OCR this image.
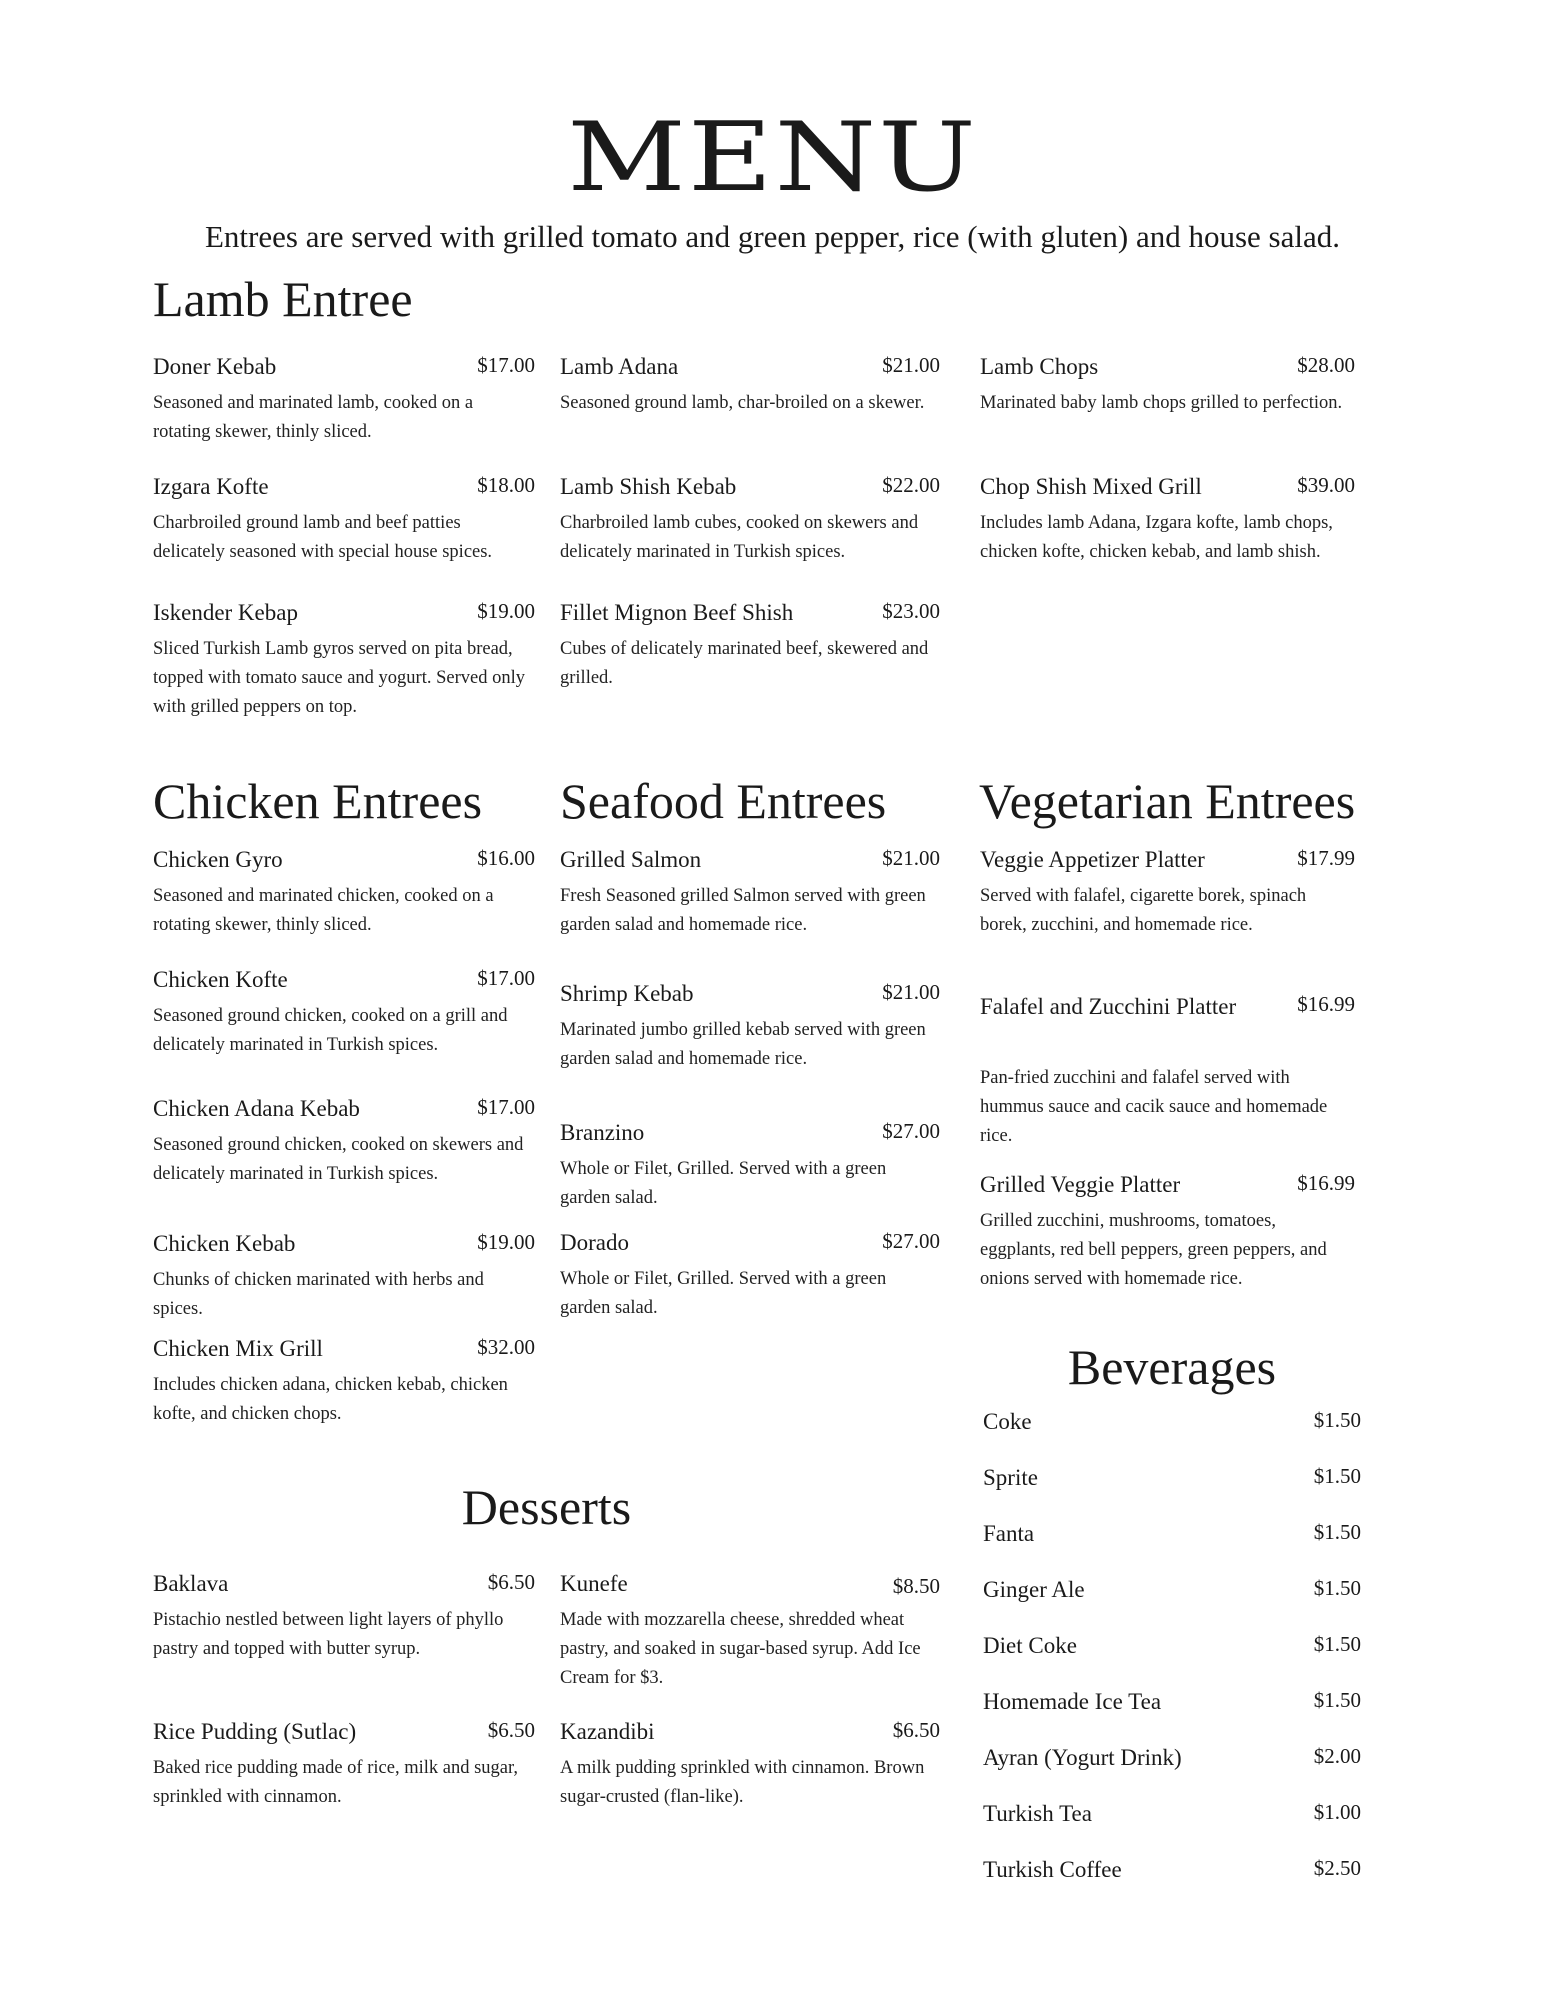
MENU
Entrees are served with grilled tomato and green pepper, rice (with gluten) and house salad.
Lamb Entree
Doner Kebab	$17.00
Seasoned and marinated lamb, cooked on a rotating skewer, thinly sliced.
Lamb Adana	$21.00
Seasoned ground lamb, char-broiled on a skewer.
Lamb Chops	$28.00
Marinated baby lamb chops grilled to perfection.
Izgara Kofte	$18.00
Charbroiled ground lamb and beef patties delicately seasoned with special house spices.
Lamb Shish Kebab	$22.00
Charbroiled lamb cubes, cooked on skewers and delicately marinated in Turkish spices.
Chop Shish Mixed Grill	$39.00
Includes lamb Adana, Izgara kofte, lamb chops, chicken kofte, chicken kebab, and lamb shish.
Iskender Kebap	$19.00
Sliced Turkish Lamb gyros served on pita bread, topped with tomato sauce and yogurt. Served only with grilled peppers on top.
Fillet Mignon Beef Shish	$23.00
Cubes of delicately marinated beef, skewered and grilled.
Chicken Entrees
Chicken Gyro	$16.00
Seasoned and marinated chicken, cooked on a rotating skewer, thinly sliced.
Chicken Kofte	$17.00
Seasoned ground chicken, cooked on a grill and delicately marinated in Turkish spices.
Chicken Adana Kebab	$17.00
Seasoned ground chicken, cooked on skewers and delicately marinated in Turkish spices.
Chicken Kebab	$19.00
Chunks of chicken marinated with herbs and spices.
Chicken Mix Grill	$32.00
Includes chicken adana, chicken kebab, chicken kofte, and chicken chops.
Seafood Entrees
Grilled Salmon	$21.00
Fresh Seasoned grilled Salmon served with green garden salad and homemade rice.
Shrimp Kebab	$21.00
Marinated jumbo grilled kebab served with green garden salad and homemade rice.
Branzino	$27.00
Whole or Filet, Grilled. Served with a green garden salad.
Dorado	$27.00
Whole or Filet, Grilled. Served with a green garden salad.
Vegetarian Entrees
Veggie Appetizer Platter	$17.99
Served with falafel, cigarette borek, spinach borek, zucchini, and homemade rice.
Falafel and Zucchini Platter	$16.99
Pan-fried zucchini and falafel served with hummus sauce and cacik sauce and homemade rice.
Grilled Veggie Platter	$16.99
Grilled zucchini, mushrooms, tomatoes, eggplants, red bell peppers, green peppers, and onions served with homemade rice.
Beverages
Coke	$1.50
Sprite	$1.50
Fanta	$1.50
Ginger Ale	$1.50
Diet Coke	$1.50
Homemade Ice Tea	$1.50
Ayran (Yogurt Drink)	$2.00
Turkish Tea	$1.00
Turkish Coffee	$2.50
Desserts
Baklava	$6.50
Pistachio nestled between light layers of phyllo pastry and topped with butter syrup.
Kunefe	$8.50
Made with mozzarella cheese, shredded wheat pastry, and soaked in sugar-based syrup. Add Ice Cream for $3.
Rice Pudding (Sutlac)	$6.50
Baked rice pudding made of rice, milk and sugar, sprinkled with cinnamon.
Kazandibi	$6.50
A milk pudding sprinkled with cinnamon. Brown sugar-crusted (flan-like).
